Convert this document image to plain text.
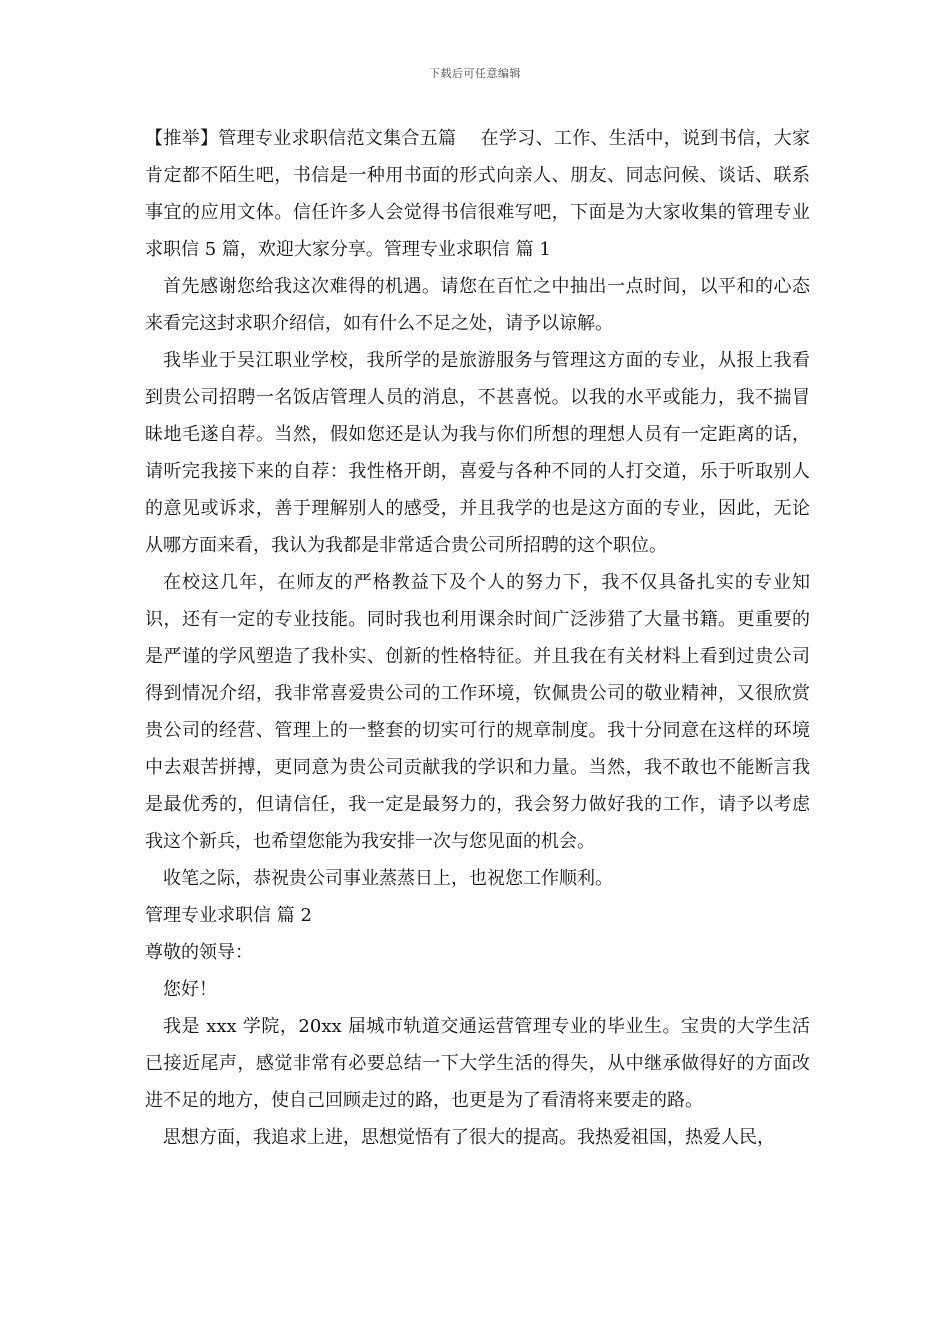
下载后可任意编辑

【推举】管理专业求职信范文集合五篇　 在学习、工作、生活中，说到书信，大家肯定都不陌生吧，书信是一种用书面的形式向亲人、朋友、同志问候、谈话、联系事宜的应用文体。信任许多人会觉得书信很难写吧，下面是为大家收集的管理专业求职信 5 篇，欢迎大家分享。管理专业求职信 篇 1

首先感谢您给我这次难得的机遇。请您在百忙之中抽出一点时间，以平和的心态来看完这封求职介绍信，如有什么不足之处，请予以谅解。

我毕业于吴江职业学校，我所学的是旅游服务与管理这方面的专业，从报上我看到贵公司招聘一名饭店管理人员的消息，不甚喜悦。以我的水平或能力，我不揣冒昧地毛遂自荐。当然，假如您还是认为我与你们所想的理想人员有一定距离的话，请听完我接下来的自荐：我性格开朗，喜爱与各种不同的人打交道，乐于听取别人的意见或诉求，善于理解别人的感受，并且我学的也是这方面的专业，因此，无论从哪方面来看，我认为我都是非常适合贵公司所招聘的这个职位。

在校这几年，在师友的严格教益下及个人的努力下，我不仅具备扎实的专业知识，还有一定的专业技能。同时我也利用课余时间广泛涉猎了大量书籍。更重要的是严谨的学风塑造了我朴实、创新的性格特征。并且我在有关材料上看到过贵公司得到情况介绍，我非常喜爱贵公司的工作环境，钦佩贵公司的敬业精神，又很欣赏贵公司的经营、管理上的一整套的切实可行的规章制度。我十分同意在这样的环境中去艰苦拼搏，更同意为贵公司贡献我的学识和力量。当然，我不敢也不能断言我是最优秀的，但请信任，我一定是最努力的，我会努力做好我的工作，请予以考虑我这个新兵，也希望您能为我安排一次与您见面的机会。

收笔之际，恭祝贵公司事业蒸蒸日上，也祝您工作顺利。

管理专业求职信 篇 2

尊敬的领导：

您好！

我是 xxx 学院，20xx 届城市轨道交通运营管理专业的毕业生。宝贵的大学生活已接近尾声，感觉非常有必要总结一下大学生活的得失，从中继承做得好的方面改进不足的地方，使自己回顾走过的路，也更是为了看清将来要走的路。

思想方面，我追求上进，思想觉悟有了很大的提高。我热爱祖国，热爱人民，
